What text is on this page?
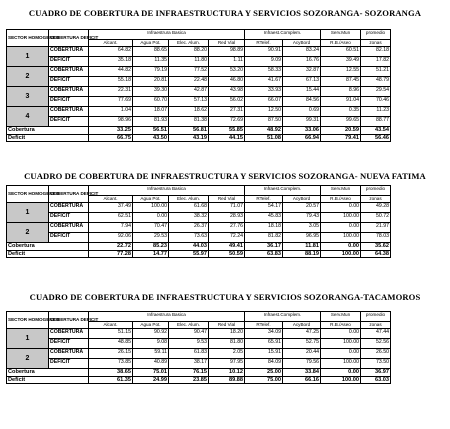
CUADRO DE COBERTURA DE INFRAESTRUCTURA Y SERVICIOS SOZORANGA- SOZORANGA
SECTOR HOMOGENEO	COBERTURA DEFICIT	Infraestrura Basica				Infraest.Complem.		Serv.Mun	promedio
		Alcant.	Agua Pot.	Elec. Alum.	Red Vial	RTelef.	AcyBord	R.B./Aseo	zonas
1	COBERTURA	64.82	88.65	88.20	98.89	90.91	83.24	60.51	82.18
	DEFICIT	35.18	11.35	11.80	1.11	9.09	16.76	39.49	17.82
2	COBERTURA	44.82	79.19	77.52	53.20	58.33	32.87	12.55	51.21
	DEFICIT	55.18	20.81	22.48	46.80	41.67	67.13	87.45	48.79
3	COBERTURA	22.31	39.30	42.87	43.98	33.93	15.44	8.96	29.54
	DEFICIT	77.69	60.70	57.13	56.02	66.07	84.56	91.04	70.46
4	COBERTURA	1.04	18.07	18.62	27.31	12.50	0.69	0.35	11.23
	DEFICIT	98.96	81.93	81.38	72.69	87.50	99.31	99.65	88.77
Cobertura		33.25	56.51	56.81	55.85	48.92	33.06	20.59	43.54
Deficit		66.75	43.50	43.19	44.15	51.08	66.94	79.41	56.46
CUADRO DE COBERTURA DE INFRAESTRUCTURA Y SERVICIOS SOZORANGA- NUEVA FATIMA
SECTOR HOMOGENEO	COBERTURA DEFICIT	Infraestrura Basica				Infraest.Complem.		Serv.Mun	promedio
		Alcant.	Agua Pot.	Elec. Alum.	Red Vial	RTelef.	AcyBord	R.B./Aseo	zonas
1	COBERTURA	37.49	100.00	61.68	71.07	54.17	20.57	0.00	49.28
	DEFICIT	62.51	0.00	38.32	28.93	45.83	79.43	100.00	50.72
2	COBERTURA	7.94	70.47	26.37	27.76	18.18	3.05	0.00	21.97
	DEFICIT	92.06	29.53	73.63	72.24	81.82	96.95	100.00	78.03
Cobertura		22.72	85.23	44.03	49.41	36.17	11.81	0.00	35.62
Deficit		77.28	14.77	55.97	50.59	63.83	88.19	100.00	64.38
CUADRO DE COBERTURA DE INFRAESTRUCTURA Y SERVICIOS SOZORANGA-TACAMOROS
SECTOR HOMOGENEO	COBERTURA DEFICIT	Infraestrura Basica				Infraest.Complem.		Serv.Mun	promedio
		Alcant.	Agua Pot.	Elec. Alum.	Red Vial	RTelef.	AcyBord	R.B./Aseo	zonas
1	COBERTURA	51.15	90.92	90.47	18.20	34.09	47.25	0.00	47.44
	DEFICIT	48.85	9.08	9.53	81.80	65.91	52.75	100.00	52.56
2	COBERTURA	26.15	59.11	61.83	2.05	15.91	20.44	0.00	26.50
	DEFICIT	73.85	40.89	38.17	97.95	84.09	79.56	100.00	73.50
Cobertura		38.65	75.01	76.15	10.12	25.00	33.84	0.00	36.97
Deficit		61.35	24.99	23.85	89.88	75.00	66.16	100.00	63.03
